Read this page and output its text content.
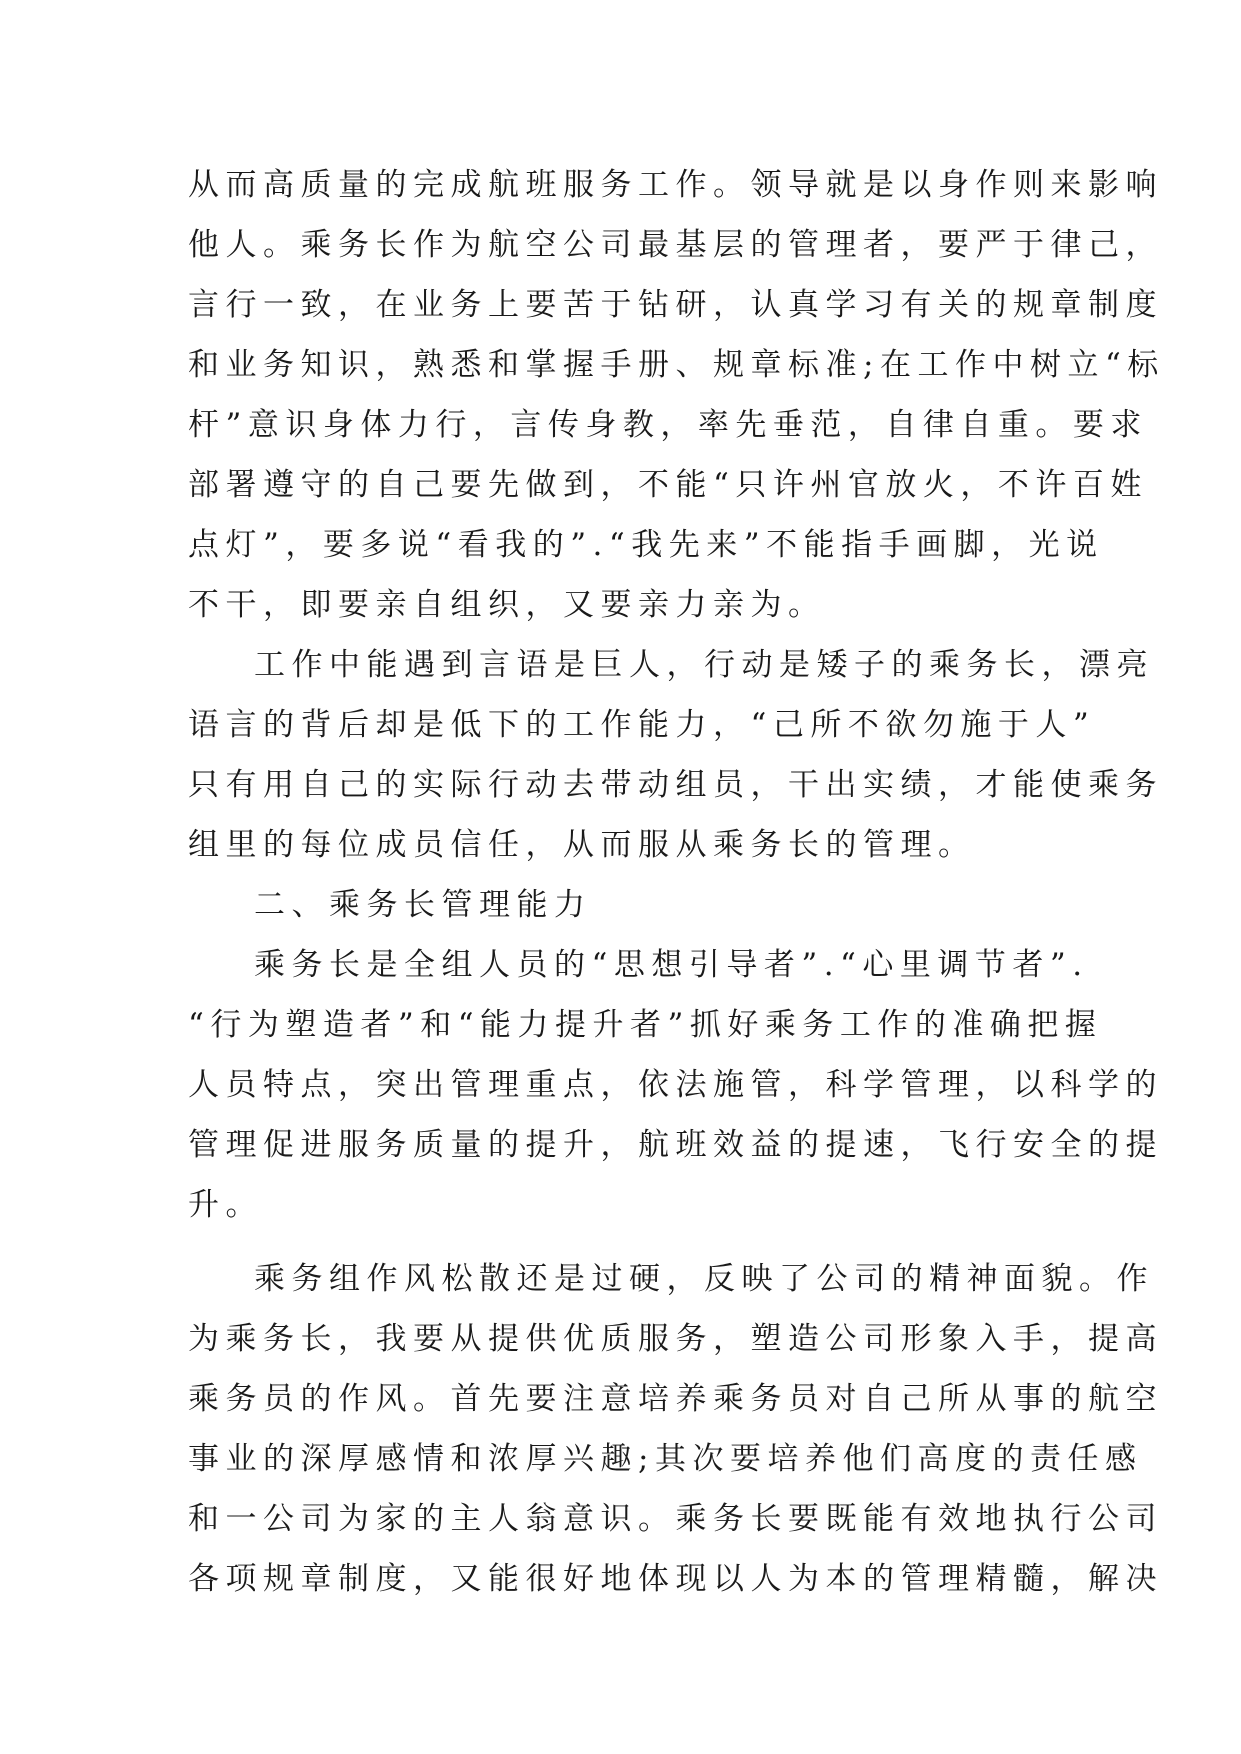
从而高质量的完成航班服务工作。领导就是以身作则来影响
他人。乘务长作为航空公司最基层的管理者，要严于律己，
言行一致，在业务上要苦于钻研，认真学习有关的规章制度
和业务知识，熟悉和掌握手册、规章标准;在工作中树立“标
杆”意识身体力行，言传身教，率先垂范，自律自重。要求
部署遵守的自己要先做到，不能“只许州官放火，不许百姓
点灯”，要多说“看我的”.“我先来”不能指手画脚，光说
不干，即要亲自组织，又要亲力亲为。
工作中能遇到言语是巨人，行动是矮子的乘务长，漂亮
语言的背后却是低下的工作能力，“己所不欲勿施于人”
只有用自己的实际行动去带动组员，干出实绩，才能使乘务
组里的每位成员信任，从而服从乘务长的管理。
二、乘务长管理能力
乘务长是全组人员的“思想引导者”.“心里调节者”.
“行为塑造者”和“能力提升者”抓好乘务工作的准确把握
人员特点，突出管理重点，依法施管，科学管理，以科学的
管理促进服务质量的提升，航班效益的提速，飞行安全的提
升。
乘务组作风松散还是过硬，反映了公司的精神面貌。作
为乘务长，我要从提供优质服务，塑造公司形象入手，提高
乘务员的作风。首先要注意培养乘务员对自己所从事的航空
事业的深厚感情和浓厚兴趣;其次要培养他们高度的责任感
和一公司为家的主人翁意识。乘务长要既能有效地执行公司
各项规章制度，又能很好地体现以人为本的管理精髓，解决
